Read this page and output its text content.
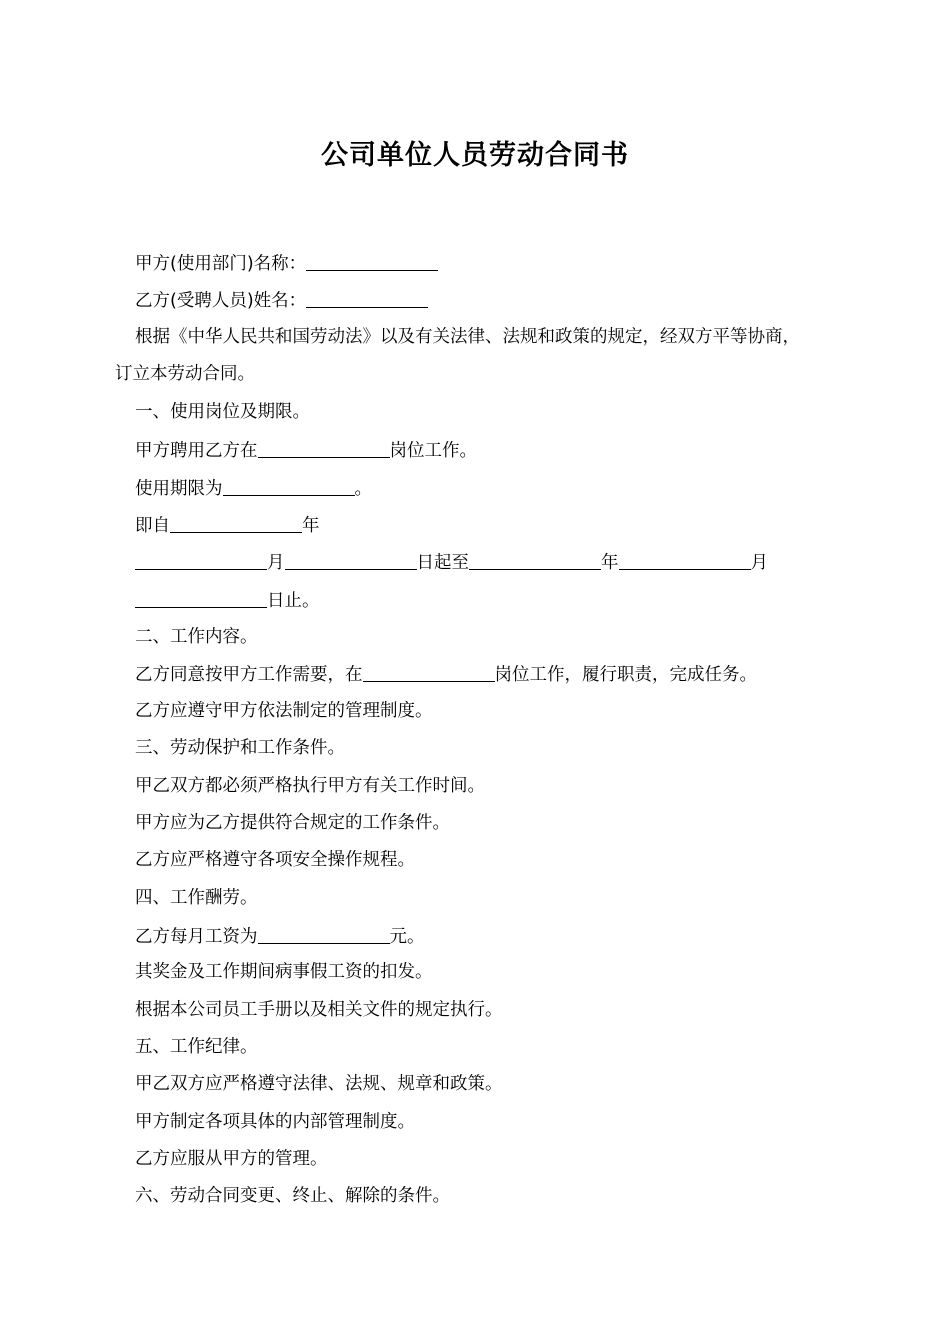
公司单位人员劳动合同书
甲方(使用部门)名称：
乙方(受聘人员)姓名：
根据《中华人民共和国劳动法》以及有关法律、法规和政策的规定，经双方平等协商，订立本劳动合同。
一、使用岗位及期限。
甲方聘用乙方在	岗位工作。
使用期限为	。
即自	年
月	日起至	年	月
日止。
二、工作内容。
乙方同意按甲方工作需要，在	岗位工作，履行职责，完成任务。
乙方应遵守甲方依法制定的管理制度。
三、劳动保护和工作条件。
甲乙双方都必须严格执行甲方有关工作时间。
甲方应为乙方提供符合规定的工作条件。
乙方应严格遵守各项安全操作规程。
四、工作酬劳。
乙方每月工资为	元。
其奖金及工作期间病事假工资的扣发。
根据本公司员工手册以及相关文件的规定执行。
五、工作纪律。
甲乙双方应严格遵守法律、法规、规章和政策。
甲方制定各项具体的内部管理制度。
乙方应服从甲方的管理。
六、劳动合同变更、终止、解除的条件。
